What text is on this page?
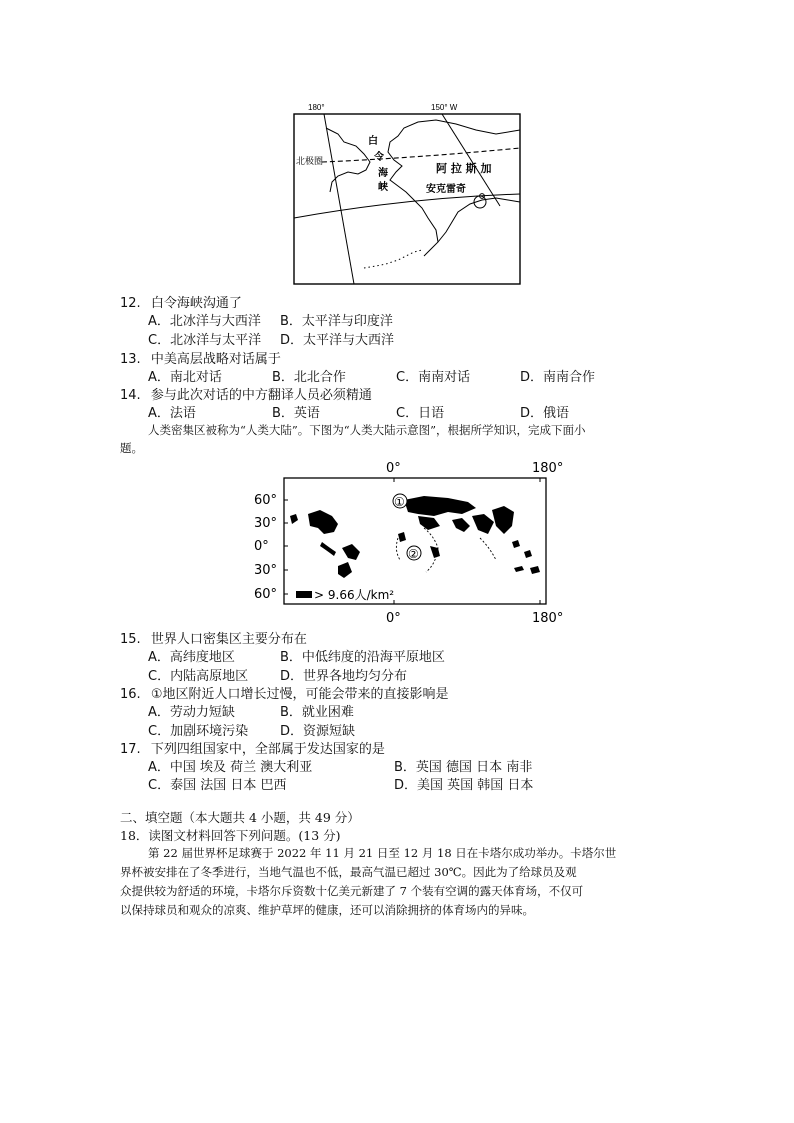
180°	150° W
北极圈
白
令
海
峡
阿 拉 斯 加
安克雷奇
12. 白令海峡沟通了
A．北冰洋与大西洋 B．太平洋与印度洋
C．北冰洋与太平洋 D．太平洋与大西洋
13. 中美高层战略对话属于
A．南北对话	B．北北合作	C．南南对话	D．南南合作
14. 参与此次对话的中方翻译人员必须精通
A．法语	B．英语	C．日语	D．俄语
人类密集区被称为“人类大陆”。下图为“人类大陆示意图”，根据所学知识，完成下面小
题。
0°	180°
60°
30°
0°
30°
60°
①
②
> 9.66人/km²
0°	180°
15. 世界人口密集区主要分布在
A．高纬度地区	B．中低纬度的沿海平原地区
C．内陆高原地区 D．世界各地均匀分布
16. ①地区附近人口增长过慢，可能会带来的直接影响是
A．劳动力短缺	B．就业困难
C．加剧环境污染 D．资源短缺
17. 下列四组国家中，全部属于发达国家的是
A．中国 埃及 荷兰 澳大利亚	B．英国 德国 日本 南非
C．泰国 法国 日本 巴西	D．美国 英国 韩国 日本
二、填空题（本大题共 4 小题，共 49 分）
18．读图文材料回答下列问题。(13 分)
第 22 届世界杯足球赛于 2022 年 11 月 21 日至 12 月 18 日在卡塔尔成功举办。卡塔尔世
界杯被安排在了冬季进行，当地气温也不低，最高气温已超过 30℃。因此为了给球员及观
众提供较为舒适的环境，卡塔尔斥资数十亿美元新建了 7 个装有空调的露天体育场，不仅可
以保持球员和观众的凉爽、维护草坪的健康，还可以消除拥挤的体育场内的异味。
